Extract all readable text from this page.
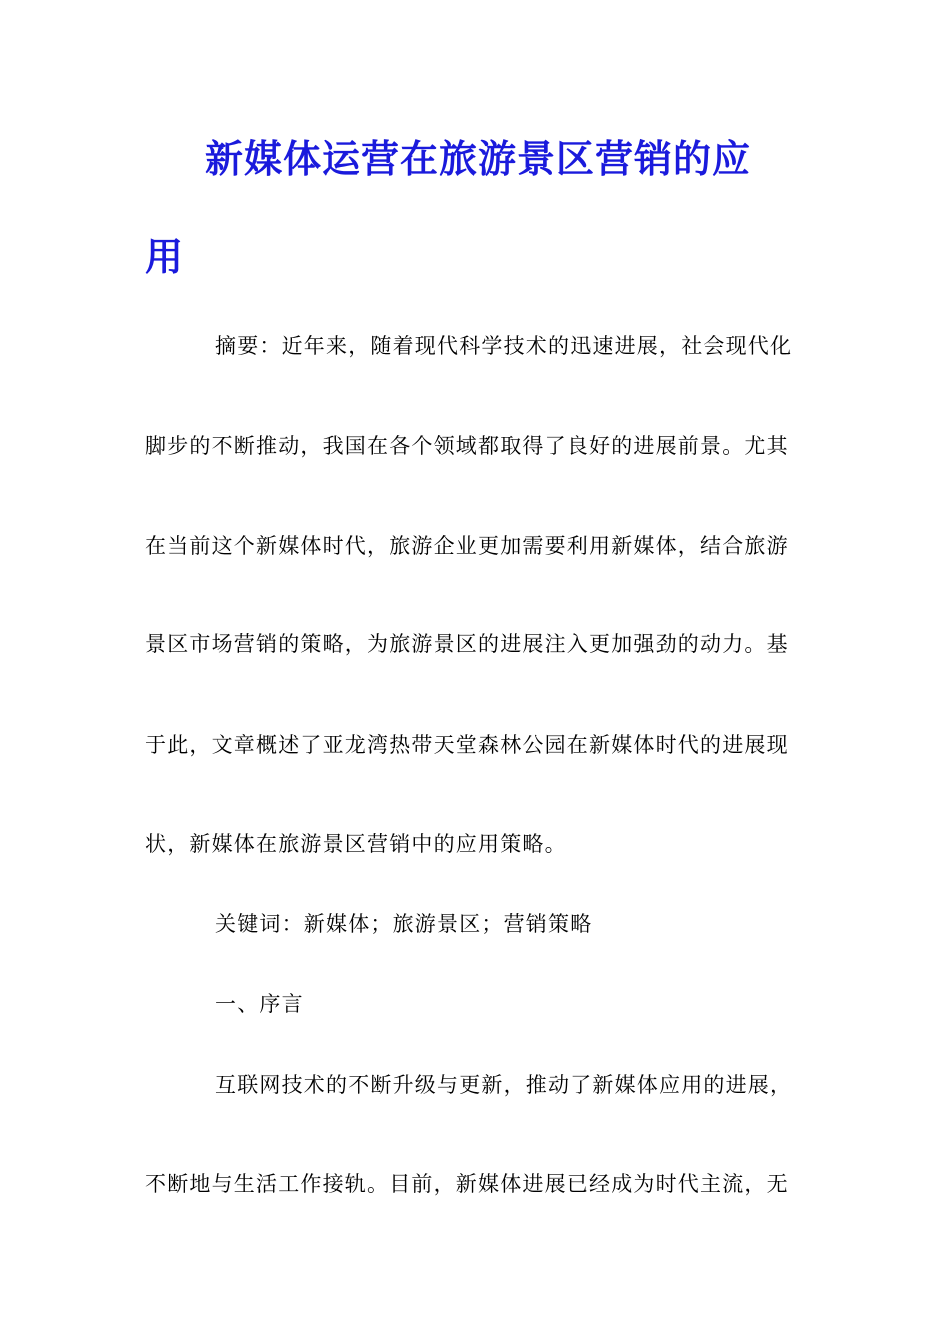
新媒体运营在旅游景区营销的应
用
摘要：近年来，随着现代科学技术的迅速进展，社会现代化
脚步的不断推动，我国在各个领域都取得了良好的进展前景。尤其
在当前这个新媒体时代，旅游企业更加需要利用新媒体，结合旅游
景区市场营销的策略，为旅游景区的进展注入更加强劲的动力。基
于此，文章概述了亚龙湾热带天堂森林公园在新媒体时代的进展现
状，新媒体在旅游景区营销中的应用策略。
关键词：新媒体；旅游景区；营销策略
一、序言
互联网技术的不断升级与更新，推动了新媒体应用的进展，
不断地与生活工作接轨。目前，新媒体进展已经成为时代主流，无
